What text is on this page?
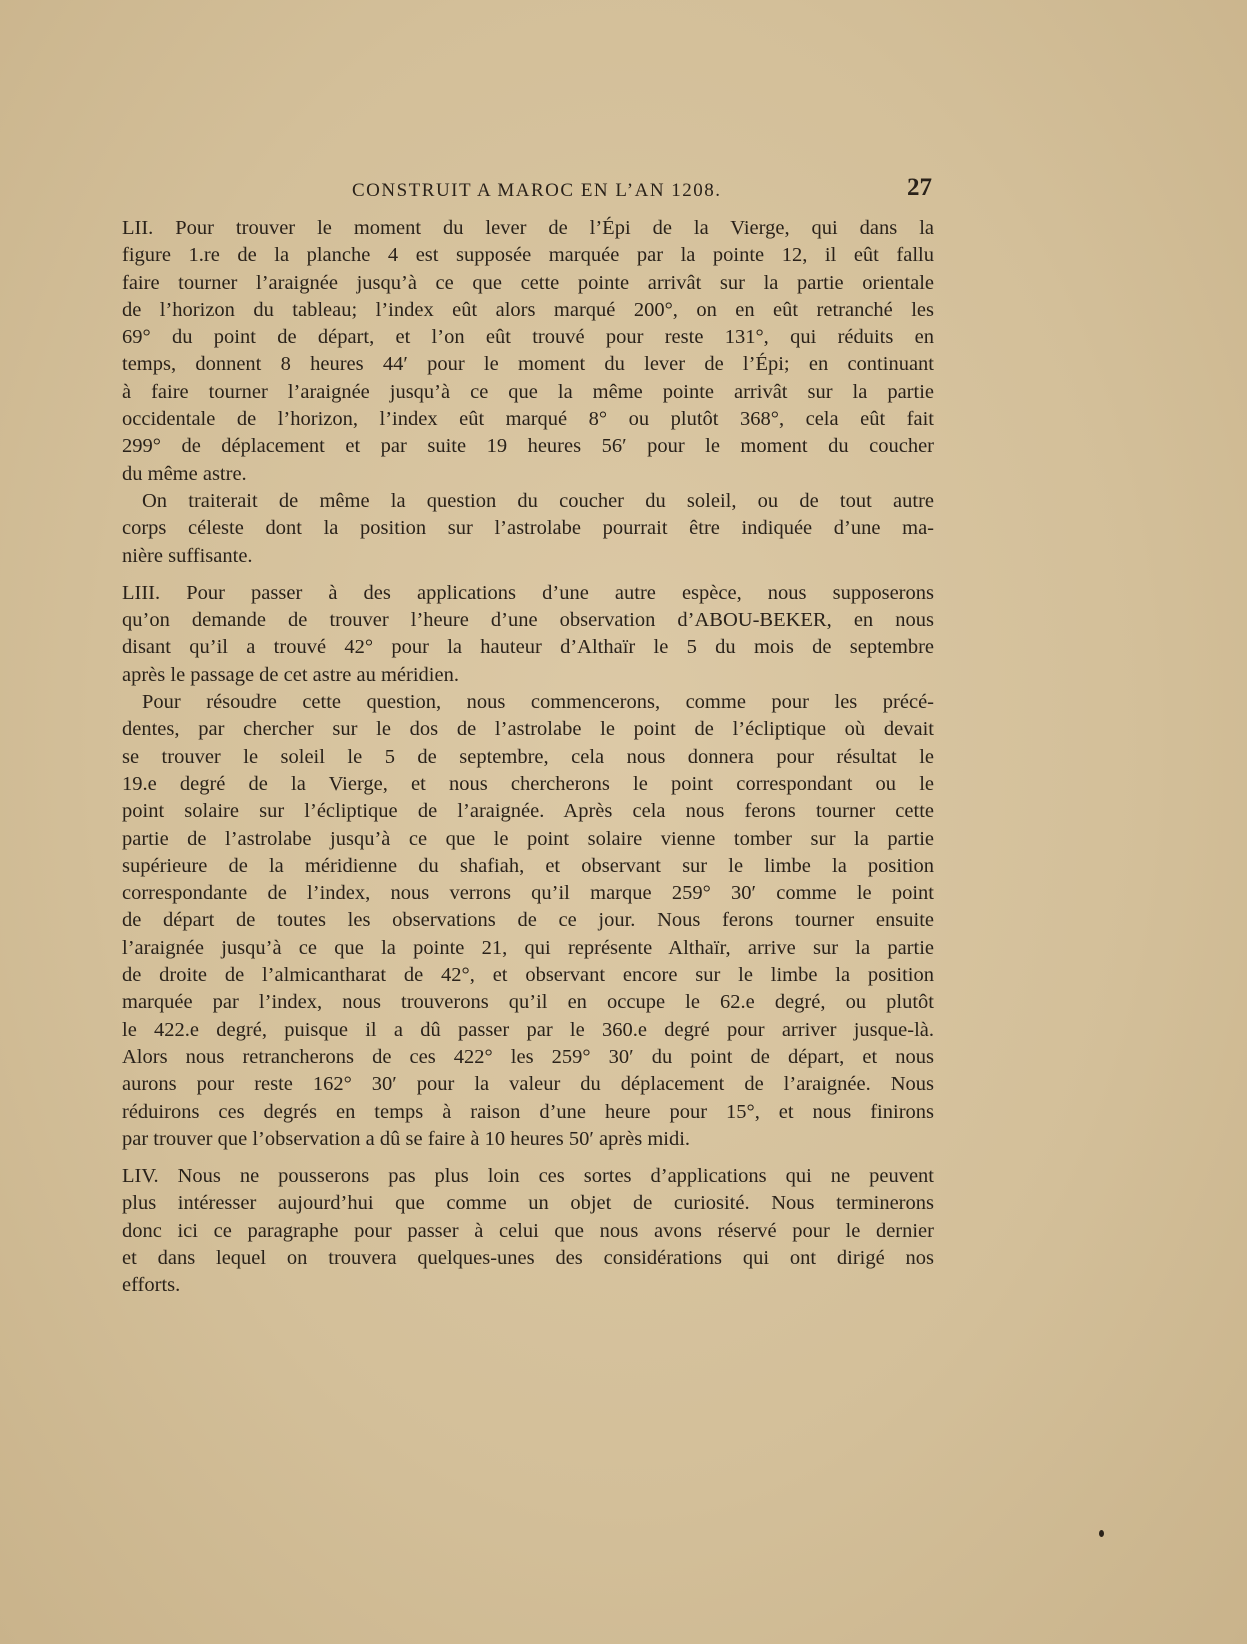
CONSTRUIT A MAROC EN L’AN 1208.	27
LII. Pour trouver le moment du lever de l’Épi de la Vierge, qui dans la
figure 1.re de la planche 4 est supposée marquée par la pointe 12, il eût fallu
faire tourner l’araignée jusqu’à ce que cette pointe arrivât sur la partie orientale
de l’horizon du tableau; l’index eût alors marqué 200°, on en eût retranché les
69° du point de départ, et l’on eût trouvé pour reste 131°, qui réduits en
temps, donnent 8 heures 44′ pour le moment du lever de l’Épi; en continuant
à faire tourner l’araignée jusqu’à ce que la même pointe arrivât sur la partie
occidentale de l’horizon, l’index eût marqué 8° ou plutôt 368°, cela eût fait
299° de déplacement et par suite 19 heures 56′ pour le moment du coucher
du même astre.
On traiterait de même la question du coucher du soleil, ou de tout autre
corps céleste dont la position sur l’astrolabe pourrait être indiquée d’une ma-
nière suffisante.
LIII. Pour passer à des applications d’une autre espèce, nous supposerons
qu’on demande de trouver l’heure d’une observation d’ABOU-BEKER, en nous
disant qu’il a trouvé 42° pour la hauteur d’Althaïr le 5 du mois de septembre
après le passage de cet astre au méridien.
Pour résoudre cette question, nous commencerons, comme pour les précé-
dentes, par chercher sur le dos de l’astrolabe le point de l’écliptique où devait
se trouver le soleil le 5 de septembre, cela nous donnera pour résultat le
19.e degré de la Vierge, et nous chercherons le point correspondant ou le
point solaire sur l’écliptique de l’araignée. Après cela nous ferons tourner cette
partie de l’astrolabe jusqu’à ce que le point solaire vienne tomber sur la partie
supérieure de la méridienne du shafiah, et observant sur le limbe la position
correspondante de l’index, nous verrons qu’il marque 259° 30′ comme le point
de départ de toutes les observations de ce jour. Nous ferons tourner ensuite
l’araignée jusqu’à ce que la pointe 21, qui représente Althaïr, arrive sur la partie
de droite de l’almicantharat de 42°, et observant encore sur le limbe la position
marquée par l’index, nous trouverons qu’il en occupe le 62.e degré, ou plutôt
le 422.e degré, puisque il a dû passer par le 360.e degré pour arriver jusque-là.
Alors nous retrancherons de ces 422° les 259° 30′ du point de départ, et nous
aurons pour reste 162° 30′ pour la valeur du déplacement de l’araignée. Nous
réduirons ces degrés en temps à raison d’une heure pour 15°, et nous finirons
par trouver que l’observation a dû se faire à 10 heures 50′ après midi.
LIV. Nous ne pousserons pas plus loin ces sortes d’applications qui ne peuvent
plus intéresser aujourd’hui que comme un objet de curiosité. Nous terminerons
donc ici ce paragraphe pour passer à celui que nous avons réservé pour le dernier
et dans lequel on trouvera quelques-unes des considérations qui ont dirigé nos
efforts.
